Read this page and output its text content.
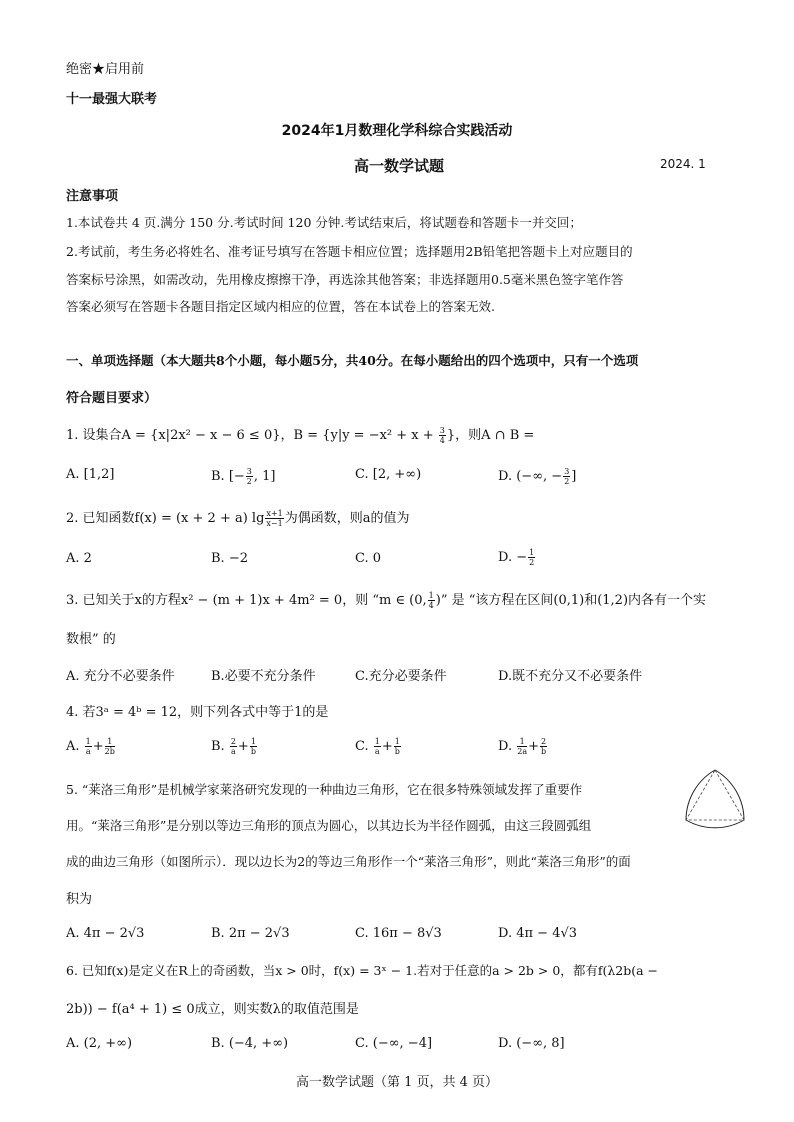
绝密★启用前
十一最强大联考
2024年1月数理化学科综合实践活动
高一数学试题	2024. 1
注意事项
1.本试卷共 4 页.满分 150 分.考试时间 120 分钟.考试结束后，将试题卷和答题卡一并交回；
2.考试前，考生务必将姓名、准考证号填写在答题卡相应位置；选择题用2B铅笔把答题卡上对应题目的
答案标号涂黑，如需改动，先用橡皮擦擦干净，再选涂其他答案；非选择题用0.5毫米黑色签字笔作答
答案必须写在答题卡各题目指定区域内相应的位置，答在本试卷上的答案无效.
一、单项选择题（本大题共8个小题，每小题5分，共40分。在每小题给出的四个选项中，只有一个选项
符合题目要求）
1. 设集合A = {x|2x² − x − 6 ≤ 0}，$B = \{y|y = -x^2 + x + \frac{3}{4}$ }，则A ∩ B =
A. [1,2]	B. [− $\frac{3}{2}$ , 1]	C. [2, +∞)	D. (−∞, − $\frac{3}{2}$ ]
2. 已知函数f(x) = (x + 2 + a) $\lg \frac{x+1}{x-1}$ 为偶函数，则a的值为
A. 2	B. −2	C. 0	D. − $\frac{1}{2}$
3. 已知关于x的方程x² − (m + 1)x + 4m² = 0，则 “m ∈ (0, $\frac{1}{4}$ )” 是 “该方程在区间(0,1)和(1,2)内各有一个实
数根” 的
A. 充分不必要条件	B.必要不充分条件	C.充分必要条件	D.既不充分又不必要条件
4. 若3ᵃ = 4ᵇ = 12，则下列各式中等于1的是
A. $\frac{1}{a} + \frac{1}{2b}$	B. $\frac{2}{a} + \frac{1}{b}$	C. $\frac{1}{a} + \frac{1}{b}$	D. $\frac{1}{2a} + \frac{2}{b}$
5. “莱洛三角形”是机械学家莱洛研究发现的一种曲边三角形，它在很多特殊领域发挥了重要作
用。“莱洛三角形”是分别以等边三角形的顶点为圆心，以其边长为半径作圆弧，由这三段圆弧组
成的曲边三角形（如图所示）．现以边长为2的等边三角形作一个“莱洛三角形”，则此“莱洛三角形”的面
积为
A. 4π − 2√3	B. 2π − 2√3	C. 16π − 8√3	D. 4π − 4√3
6. 已知f(x)是定义在R上的奇函数，当x > 0时，f(x) = 3ˣ − 1.若对于任意的a > 2b > 0，都有f(λ2b(a −
2b)) − f(a⁴ + 1) ≤ 0成立，则实数λ的取值范围是
A. (2, +∞)	B. (−4, +∞)	C. (−∞, −4]	D. (−∞, 8]
高一数学试题（第 1 页，共 4 页）
